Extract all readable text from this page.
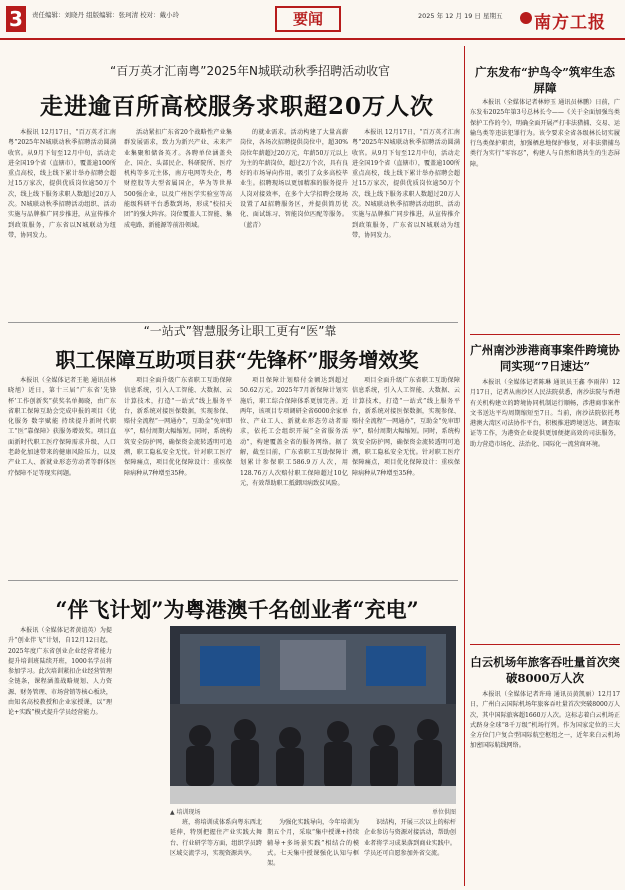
3	责任编辑：刘晓丹 组版编辑：张珂清 校对：戴小玲	要闻	2025 年 12 月 19 日 星期五 南方工报
“百万英才汇南粤”2025年N城联动秋季招聘活动收官
走进逾百所高校服务求职超20万人次

本报讯 12月17日，“百万英才汇南粤”2025年N城联动秋季招聘活动圆满收官。从9月下旬至12月中旬，活动走进全国19个省（直辖市），覆盖逾100所重点高校，线上线下累计举办招聘会超过15万家次，提供优质岗位逾50万个次，线上线下服务求职人数超过20万人次。N城联动秋季招聘活动组织、活动实施与品牌推广同步推进，从宣传推介到政策服务，广东省以N城联动为纽带，协同发力。

活动紧扣广东省20个战略性产业集群发展需求，致力为新兴产业、未来产业集聚和储备英才。各聘单位涵盖央企、国企、头部民企、科研院所、医疗机构等多元主体，南方电网等央企，粤财控股等大型省属国企，华为等世界500强企业，以及广州医学实验室等高能级科研平台悉数到场，形成“校招天团”的强大阵容。岗位覆盖人工智能、集成电路、新能源等前沿领域。

的就业需求。活动构建了大量高薪岗位，各场次招聘提供岗位中，超30%岗位年薪超过20万元，年薪50万元以上为主的年薪岗位，超过2万个次，具有良好的市场导向作用，吸引了众多高校毕业生。招聘现场以更加精准的服务提升人岗对接效率，在多个大学招聘会现场设置了AI招聘服务区，并提供简历优化、面试练习、智能岗位匹配等服务。（蓝青）

本报讯 12月17日，“百万英才汇南粤”2025年N城联动秋季招聘活动圆满收官。从9月下旬至12月中旬，活动走进全国19个省（直辖市），覆盖逾100所重点高校，线上线下累计举办招聘会超过15万家次，提供优质岗位逾50万个次，线上线下服务求职人数超过20万人次。N城联动秋季招聘活动组织、活动实施与品牌推广同步推进，从宣传推介到政策服务，广东省以N城联动为纽带，协同发力。

“一站式”智慧服务让职工更有“医”靠
职工保障互助项目获“先锋杯”服务增效奖

本报讯（全媒体记者王艳 通讯员林晓旭）近日，第十三届“广东省‘先锋杯’工作创新奖”获奖名单揭晓，由广东省职工保障互助会完成申报的项目《优化服务 数字赋能 持续提升新时代职工“医”靠保障》获服务增效奖。项目直面新时代职工医疗保障需求升级、人口老龄化加速带来的健康风险压力，以及产业工人、新就业形态劳动者等群体医疗保障不足等现实问题。

项目全面升级广东省职工互助保障信息系统，引入人工智能、大数据、云计算技术，打造“一站式”线上服务平台，新系统对接医保数据，实现参保、赔付全流程“一网通办”，互助金“免审即享”，赔付周期大幅缩短。同时，系统构筑安全防护网，确保资金流转透明可追溯，职工隐私安全无忧。针对职工医疗保障痛点，项目优化保障设计：重疾保障病种从7种增至35种。

项目保障计划赔付金额达到超过50.62万元。2025年7月新保障计划实施后，职工综合保障体系更加完善。近两年，该项目专项调研全省6000余家单位、产业工人、新就业形态劳动者需求，依托工会组织开展“全省服务活动”，构建覆盖全省的服务网络。据了解，截至目前，广东省职工互助保障计划累计参保职工586.9万人次，用128.76万人次赔付职工保障超过10亿元，有效帮助职工抵御因病致贫风险。

项目全面升级广东省职工互助保障信息系统，引入人工智能、大数据、云计算技术，打造“一站式”线上服务平台，新系统对接医保数据，实现参保、赔付全流程“一网通办”，互助金“免审即享”，赔付周期大幅缩短。同时，系统构筑安全防护网，确保资金流转透明可追溯，职工隐私安全无忧。针对职工医疗保障痛点，项目优化保障设计：重疾保障病种从7种增至35种。

“伴飞计划”为粤港澳千名创业者“充电”

本报讯（全媒体记者黄谊英）为提升“创业伴飞”计划，自12月12日起，2025年度广东省创业企业经营者能力提升培训班陆续开班，1000名学员将参加学习。此次培训紧扣企业经营管理全链条，课程涵盖战略规划、人力资源、财务管理、市场营销等核心板块，由知名高校教授和企业家授课，以“理论+实践”模式提升学员经营能力。

▲ 培训现场	单位供图

班，将培训成体系向粤东西北延伸，特别把握住产业实践大舞台、行业研学等方面，组织学员跨区域交流学习，实现资源共享。

为强化实践导向，今年培训为期五个月，采取“集中授课+持续辅导+多场景实践”相结合的模式。七天集中授课强化认知与框架。

识结构，开展三次以上的标杆企业参访与资源对接活动，帮助创业者将学习成果落到商业实践中。学员还可自愿参加外省交流。

广东发布“护鸟令”筑牢生态屏障

本报讯（全媒体记者林婷玉 通讯员林鹏）日前，广东发布2025年第3号总林长令——《关于全面加强鸟类保护工作的令》，明确全面开展严打非法猎捕、交易、运输鸟类等违法犯罪行为。该令要求全省各级林长切实履行鸟类保护职责，加强栖息地保护修复，对非法猎捕鸟类行为实行“零容忍”，构建人与自然和谐共生的生态屏障。

广州南沙涉港商事案件跨境协同实现“7日速达”

本报讯（全媒体记者陈琳 通讯员王鑫 李雨萍）12月17日，记者从南沙区人民法院获悉，南沙法院与香港有关机构建立的跨境协同机制运行顺畅，涉港商事案件文书送达平均周期缩短至7日。当前，南沙法院依托粤港澳大湾区司法协作平台，积极推进跨境送达、调查取证等工作，为港资企业提供更加便捷高效的司法服务，助力营造市场化、法治化、国际化一流营商环境。

白云机场年旅客吞吐量首次突破8000万人次

本报讯（全媒体记者许琦 通讯员黄凯丽）12月17日，广州白云国际机场年旅客吞吐量首次突破8000万人次，其中国际旅客超1660万人次。这标志着白云机场正式跻身全球“8千万级”机场行列。作为国家定位的三大全方位门户复合型国际航空枢纽之一，近年来白云机场加密国际航线网络。
